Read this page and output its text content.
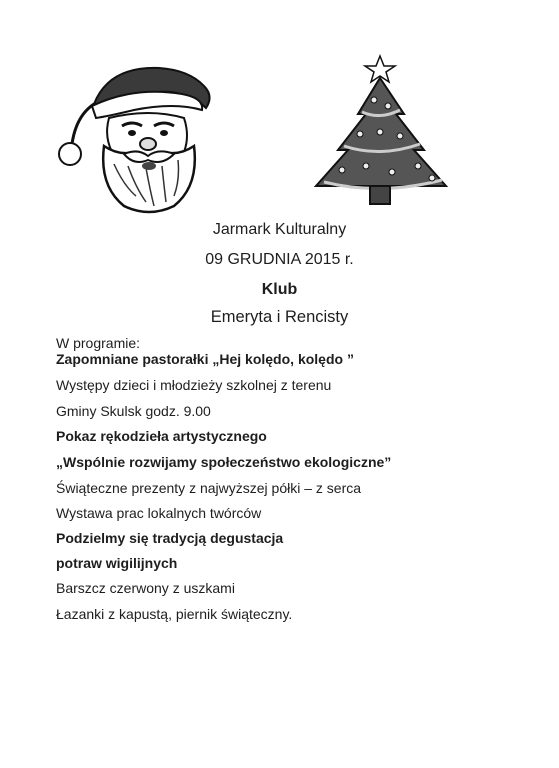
Jarmark Kulturalny
09 GRUDNIA 2015 r.
Klub
Emeryta i Rencisty
W programie:
Zapomniane pastorałki „Hej kolędo, kolędo ”
Występy dzieci i młodzieży szkolnej z terenu
Gminy Skulsk godz. 9.00
Pokaz rękodzieła artystycznego
„Wspólnie rozwijamy społeczeństwo ekologiczne”
Świąteczne prezenty z najwyższej półki – z serca
Wystawa prac lokalnych twórców
Podzielmy się tradycją degustacja
potraw wigilijnych
Barszcz czerwony z uszkami
Łazanki z kapustą, piernik świąteczny.
